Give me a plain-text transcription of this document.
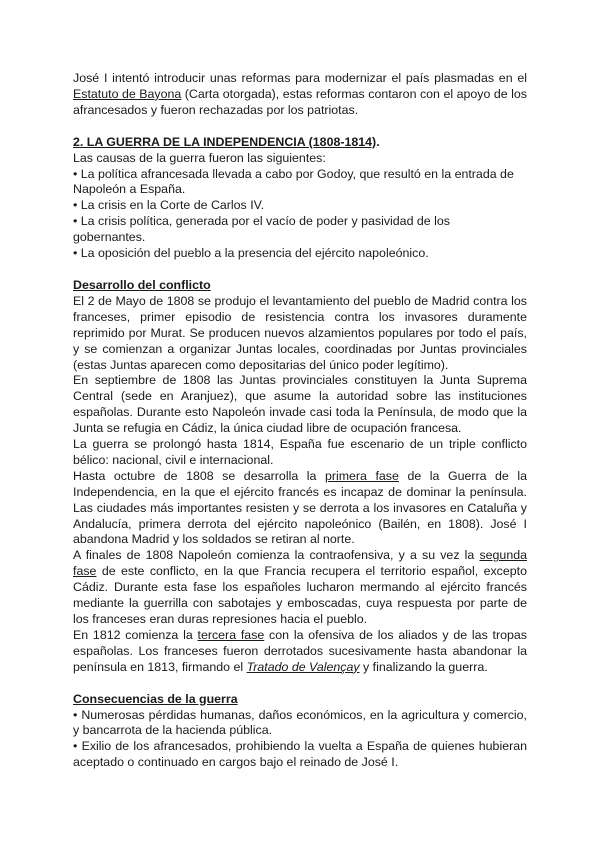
José I intentó introducir unas reformas para modernizar el país plasmadas en el Estatuto de Bayona (Carta otorgada), estas reformas contaron con el apoyo de los afrancesados y fueron rechazadas por los patriotas.

2. LA GUERRA DE LA INDEPENDENCIA (1808-1814).

Las causas de la guerra fueron las siguientes:

• La política afrancesada llevada a cabo por Godoy, que resultó en la entrada de Napoleón a España.

• La crisis en la Corte de Carlos IV.

• La crisis política, generada por el vacío de poder y pasividad de los gobernantes.

• La oposición del pueblo a la presencia del ejército napoleónico.

Desarrollo del conflicto

El 2 de Mayo de 1808 se produjo el levantamiento del pueblo de Madrid contra los franceses, primer episodio de resistencia contra los invasores duramente reprimido por Murat. Se producen nuevos alzamientos populares por todo el país, y se comienzan a organizar Juntas locales, coordinadas por Juntas provinciales (estas Juntas aparecen como depositarias del único poder legítimo).

En septiembre de 1808 las Juntas provinciales constituyen la Junta Suprema Central (sede en Aranjuez), que asume la autoridad sobre las instituciones españolas. Durante esto Napoleón invade casi toda la Península, de modo que la Junta se refugia en Cádiz, la única ciudad libre de ocupación francesa.

La guerra se prolongó hasta 1814, España fue escenario de un triple conflicto bélico: nacional, civil e internacional.

Hasta octubre de 1808 se desarrolla la primera fase de la Guerra de la Independencia, en la que el ejército francés es incapaz de dominar la península. Las ciudades más importantes resisten y se derrota a los invasores en Cataluña y Andalucía, primera derrota del ejército napoleónico (Bailén, en 1808). José I abandona Madrid y los soldados se retiran al norte.

A finales de 1808 Napoleón comienza la contraofensiva, y a su vez la segunda fase de este conflicto, en la que Francia recupera el territorio español, excepto Cádiz. Durante esta fase los españoles lucharon mermando al ejército francés mediante la guerrilla con sabotajes y emboscadas, cuya respuesta por parte de los franceses eran duras represiones hacia el pueblo.

En 1812 comienza la tercera fase con la ofensiva de los aliados y de las tropas españolas. Los franceses fueron derrotados sucesivamente hasta abandonar la península en 1813, firmando el Tratado de Valençay y finalizando la guerra.

Consecuencias de la guerra

• Numerosas pérdidas humanas, daños económicos, en la agricultura y comercio, y bancarrota de la hacienda pública.

• Exilio de los afrancesados, prohibiendo la vuelta a España de quienes hubieran aceptado o continuado en cargos bajo el reinado de José I.
